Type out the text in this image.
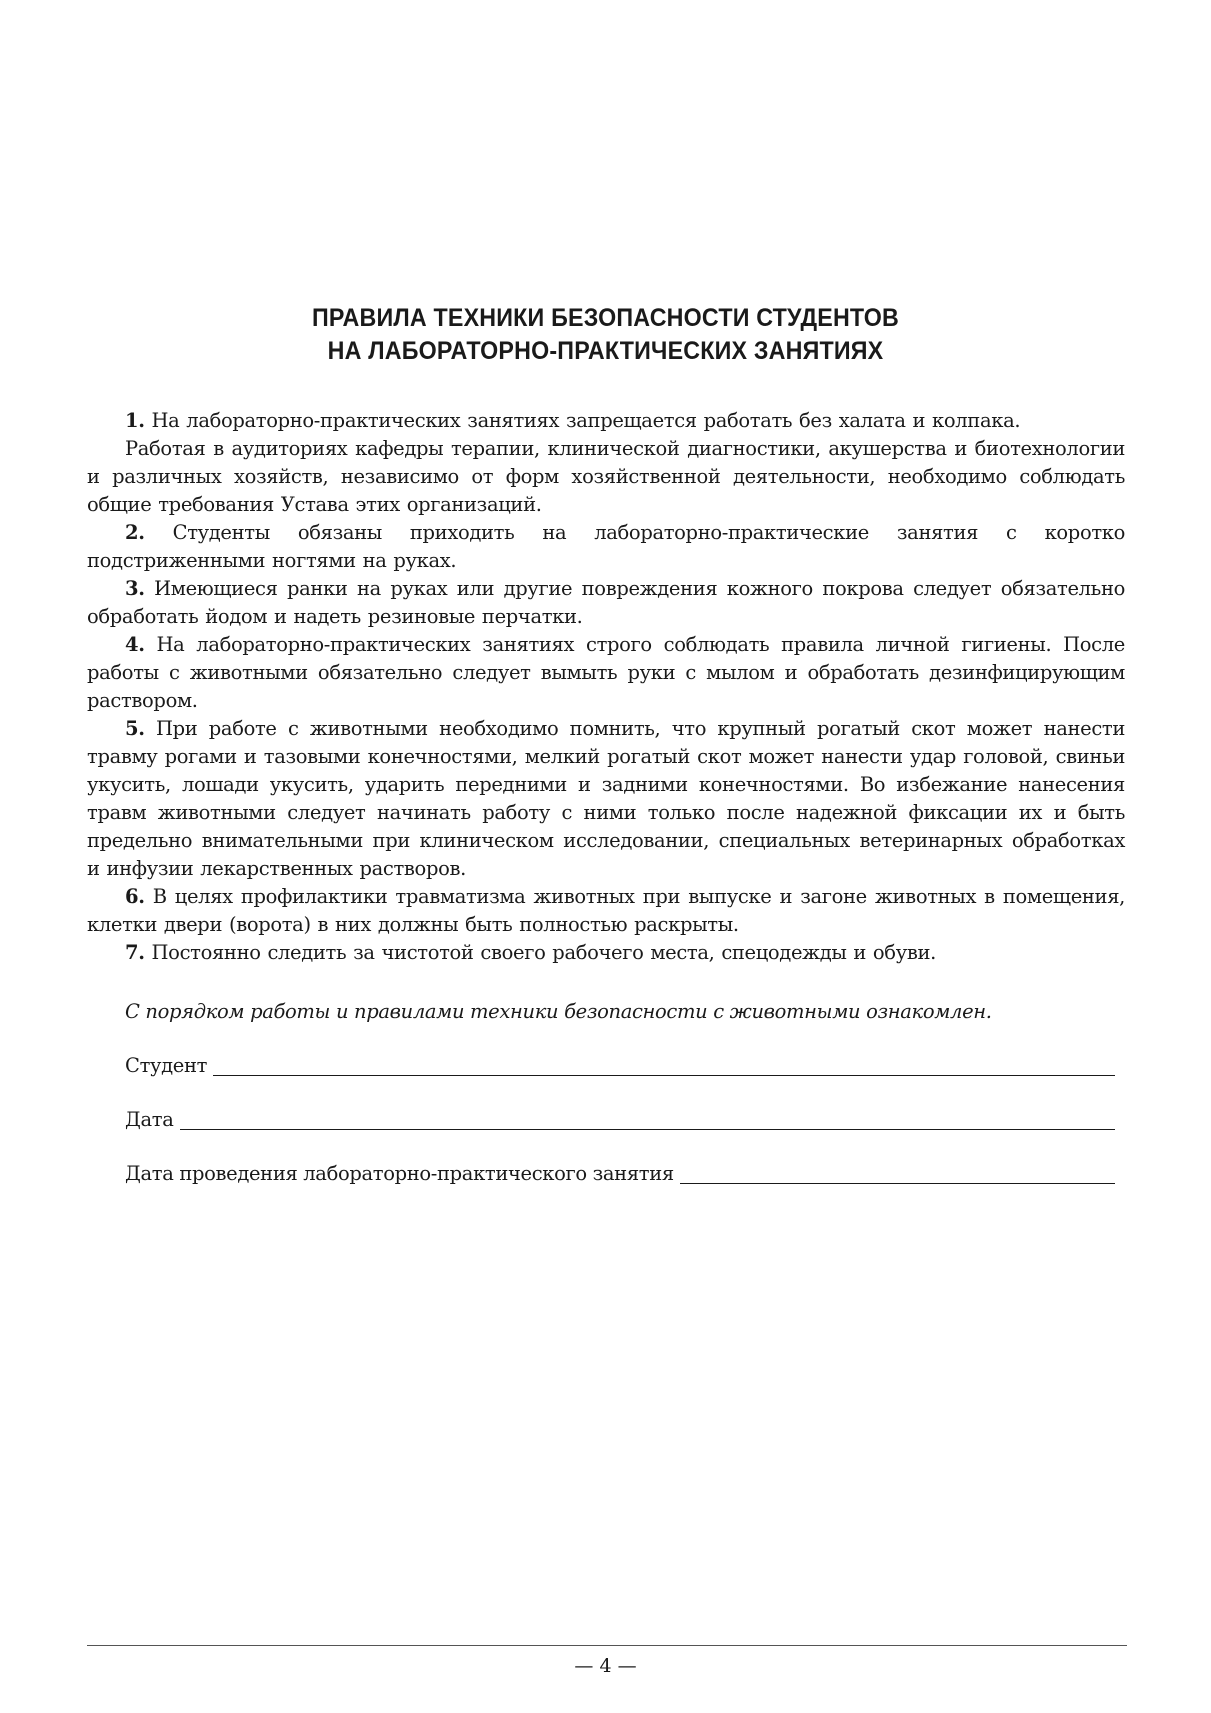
ПРАВИЛА ТЕХНИКИ БЕЗОПАСНОСТИ СТУДЕНТОВ
НА ЛАБОРАТОРНО-ПРАКТИЧЕСКИХ ЗАНЯТИЯХ

1. На лабораторно-практических занятиях запрещается работать без халата и колпака.

Работая в аудиториях кафедры терапии, клинической диагностики, акушерства и биотехнологии и различных хозяйств, независимо от форм хозяйственной деятельности, необходимо соблюдать общие требования Устава этих организаций.

2. Студенты обязаны приходить на лабораторно-практические занятия с коротко подстриженными ногтями на руках.

3. Имеющиеся ранки на руках или другие повреждения кожного покрова следует обязательно обработать йодом и надеть резиновые перчатки.

4. На лабораторно-практических занятиях строго соблюдать правила личной гигиены. После работы с животными обязательно следует вымыть руки с мылом и обработать дезинфицирующим раствором.

5. При работе с животными необходимо помнить, что крупный рогатый скот может нанести травму рогами и тазовыми конечностями, мелкий рогатый скот может нанести удар головой, свиньи укусить, лошади укусить, ударить передними и задними конечностями. Во избежание нанесения травм животными следует начинать работу с ними только после надежной фиксации их и быть предельно внимательными при клиническом исследовании, специальных ветеринарных обработках и инфузии лекарственных растворов.

6. В целях профилактики травматизма животных при выпуске и загоне животных в помещения, клетки двери (ворота) в них должны быть полностью раскрыты.

7. Постоянно следить за чистотой своего рабочего места, спецодежды и обуви.

С порядком работы и правилами техники безопасности с животными ознакомлен.
Студент
Дата
Дата проведения лабораторно-практического занятия
— 4 —
